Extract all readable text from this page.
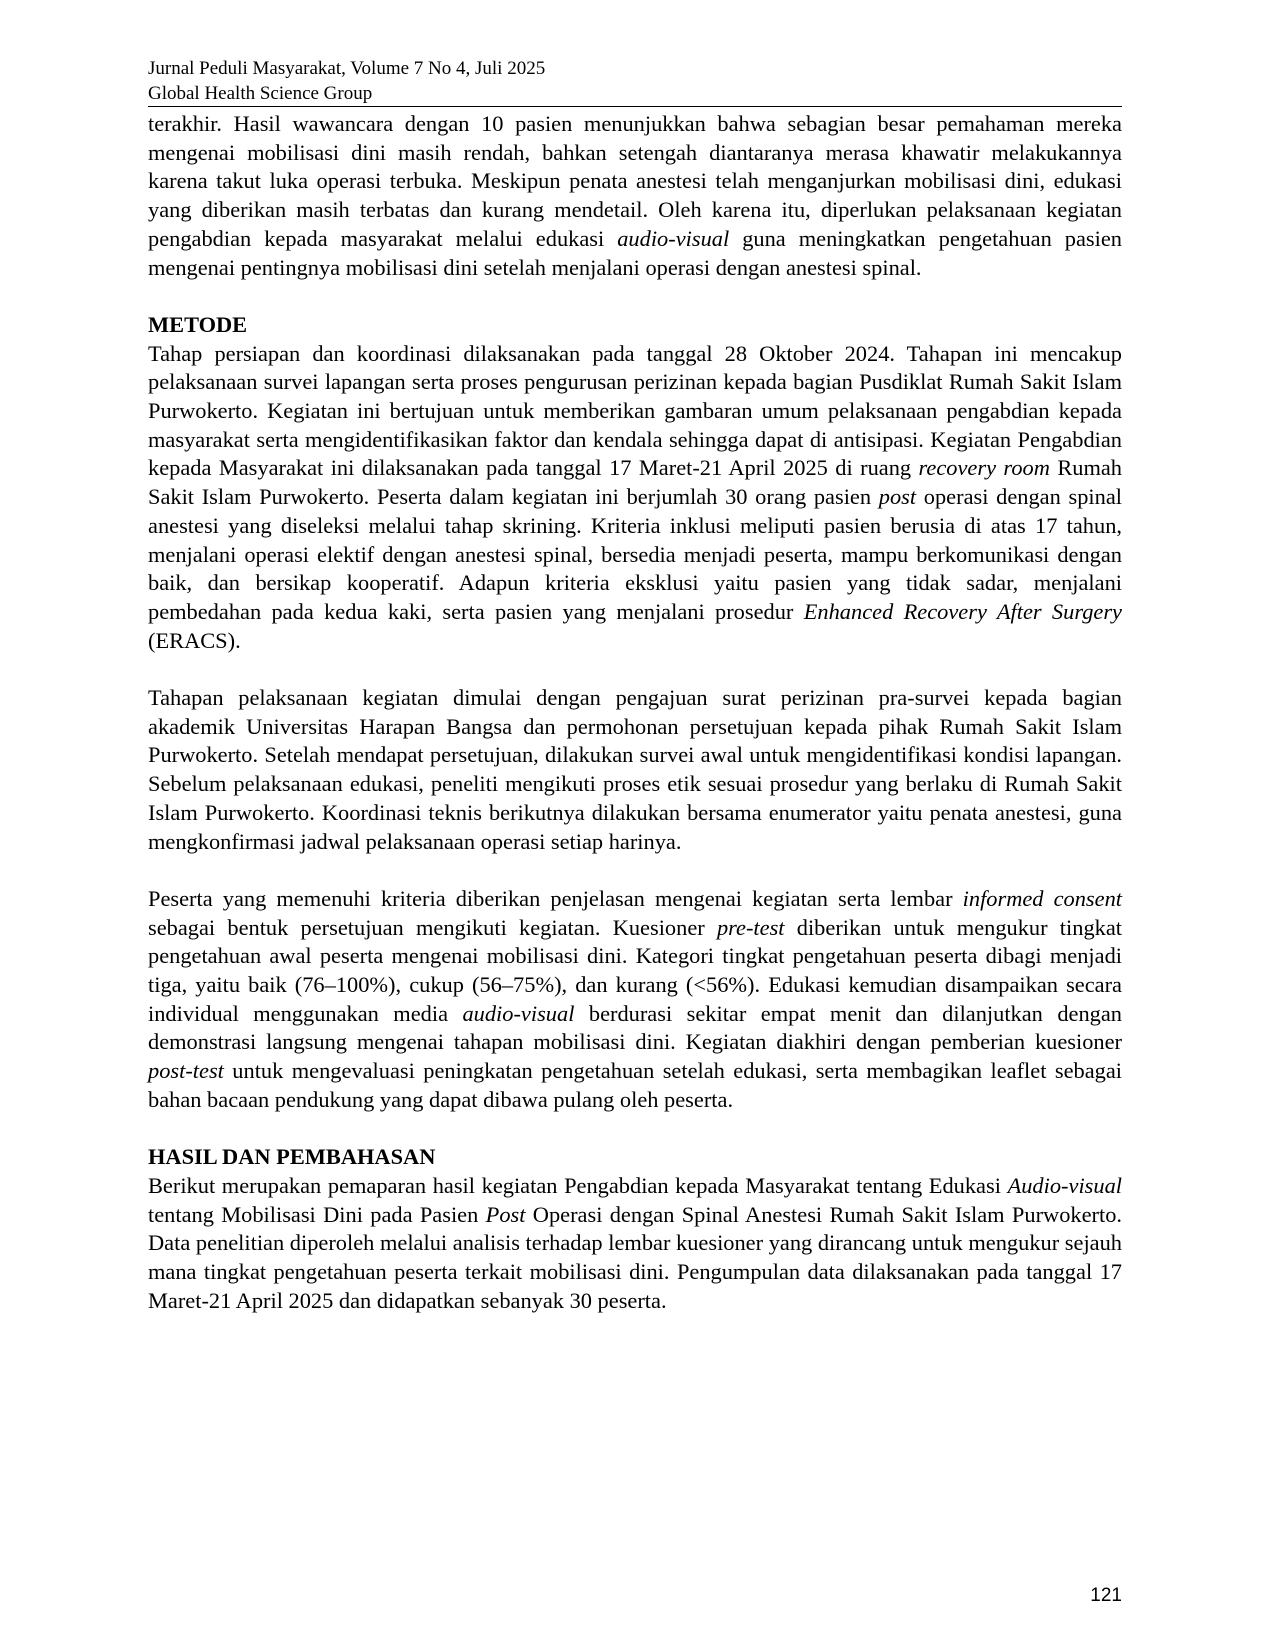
Jurnal Peduli Masyarakat, Volume 7 No 4, Juli 2025
Global Health Science Group

terakhir. Hasil wawancara dengan 10 pasien menunjukkan bahwa sebagian besar pemahaman mereka mengenai mobilisasi dini masih rendah, bahkan setengah diantaranya merasa khawatir melakukannya karena takut luka operasi terbuka. Meskipun penata anestesi telah menganjurkan mobilisasi dini, edukasi yang diberikan masih terbatas dan kurang mendetail. Oleh karena itu, diperlukan pelaksanaan kegiatan pengabdian kepada masyarakat melalui edukasi audio-visual guna meningkatkan pengetahuan pasien mengenai pentingnya mobilisasi dini setelah menjalani operasi dengan anestesi spinal.

METODE

Tahap persiapan dan koordinasi dilaksanakan pada tanggal 28 Oktober 2024. Tahapan ini mencakup pelaksanaan survei lapangan serta proses pengurusan perizinan kepada bagian Pusdiklat Rumah Sakit Islam Purwokerto. Kegiatan ini bertujuan untuk memberikan gambaran umum pelaksanaan pengabdian kepada masyarakat serta mengidentifikasikan faktor dan kendala sehingga dapat di antisipasi. Kegiatan Pengabdian kepada Masyarakat ini dilaksanakan pada tanggal 17 Maret-21 April 2025 di ruang recovery room Rumah Sakit Islam Purwokerto. Peserta dalam kegiatan ini berjumlah 30 orang pasien post operasi dengan spinal anestesi yang diseleksi melalui tahap skrining. Kriteria inklusi meliputi pasien berusia di atas 17 tahun, menjalani operasi elektif dengan anestesi spinal, bersedia menjadi peserta, mampu berkomunikasi dengan baik, dan bersikap kooperatif. Adapun kriteria eksklusi yaitu pasien yang tidak sadar, menjalani pembedahan pada kedua kaki, serta pasien yang menjalani prosedur Enhanced Recovery After Surgery (ERACS).

Tahapan pelaksanaan kegiatan dimulai dengan pengajuan surat perizinan pra-survei kepada bagian akademik Universitas Harapan Bangsa dan permohonan persetujuan kepada pihak Rumah Sakit Islam Purwokerto. Setelah mendapat persetujuan, dilakukan survei awal untuk mengidentifikasi kondisi lapangan. Sebelum pelaksanaan edukasi, peneliti mengikuti proses etik sesuai prosedur yang berlaku di Rumah Sakit Islam Purwokerto. Koordinasi teknis berikutnya dilakukan bersama enumerator yaitu penata anestesi, guna mengkonfirmasi jadwal pelaksanaan operasi setiap harinya.

Peserta yang memenuhi kriteria diberikan penjelasan mengenai kegiatan serta lembar informed consent sebagai bentuk persetujuan mengikuti kegiatan. Kuesioner pre-test diberikan untuk mengukur tingkat pengetahuan awal peserta mengenai mobilisasi dini. Kategori tingkat pengetahuan peserta dibagi menjadi tiga, yaitu baik (76–100%), cukup (56–75%), dan kurang (<56%). Edukasi kemudian disampaikan secara individual menggunakan media audio-visual berdurasi sekitar empat menit dan dilanjutkan dengan demonstrasi langsung mengenai tahapan mobilisasi dini. Kegiatan diakhiri dengan pemberian kuesioner post-test untuk mengevaluasi peningkatan pengetahuan setelah edukasi, serta membagikan leaflet sebagai bahan bacaan pendukung yang dapat dibawa pulang oleh peserta.

HASIL DAN PEMBAHASAN

Berikut merupakan pemaparan hasil kegiatan Pengabdian kepada Masyarakat tentang Edukasi Audio-visual tentang Mobilisasi Dini pada Pasien Post Operasi dengan Spinal Anestesi Rumah Sakit Islam Purwokerto. Data penelitian diperoleh melalui analisis terhadap lembar kuesioner yang dirancang untuk mengukur sejauh mana tingkat pengetahuan peserta terkait mobilisasi dini. Pengumpulan data dilaksanakan pada tanggal 17 Maret-21 April 2025 dan didapatkan sebanyak 30 peserta.

121
